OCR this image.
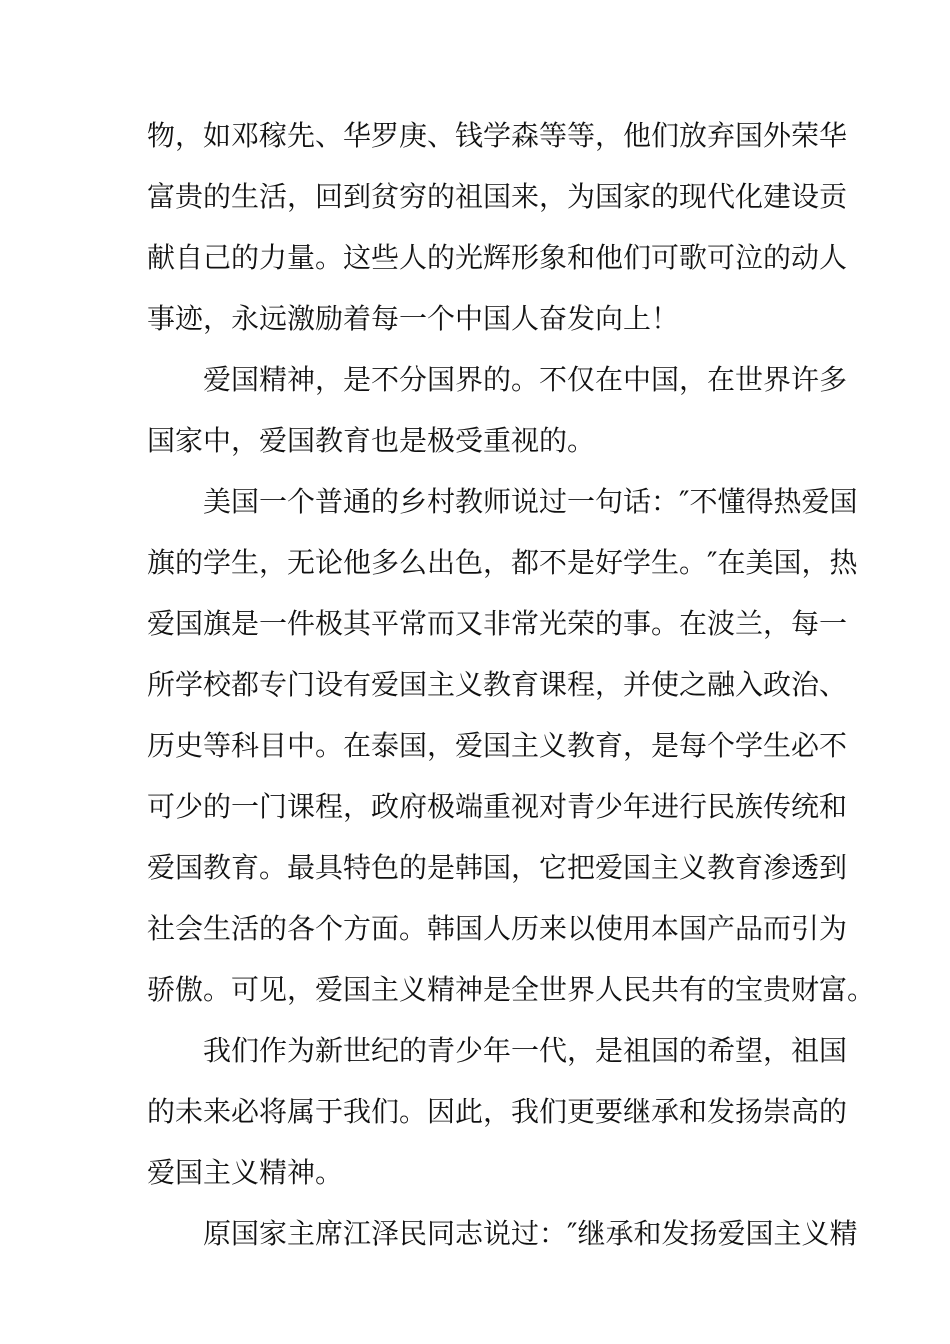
物，如邓稼先、华罗庚、钱学森等等，他们放弃国外荣华
富贵的生活，回到贫穷的祖国来，为国家的现代化建设贡
献自己的力量。这些人的光辉形象和他们可歌可泣的动人
事迹，永远激励着每一个中国人奋发向上！
爱国精神，是不分国界的。不仅在中国，在世界许多
国家中，爱国教育也是极受重视的。
美国一个普通的乡村教师说过一句话：″不懂得热爱国
旗的学生，无论他多么出色，都不是好学生。″在美国，热
爱国旗是一件极其平常而又非常光荣的事。在波兰，每一
所学校都专门设有爱国主义教育课程，并使之融入政治、
历史等科目中。在泰国，爱国主义教育，是每个学生必不
可少的一门课程，政府极端重视对青少年进行民族传统和
爱国教育。最具特色的是韩国，它把爱国主义教育渗透到
社会生活的各个方面。韩国人历来以使用本国产品而引为
骄傲。可见，爱国主义精神是全世界人民共有的宝贵财富。
我们作为新世纪的青少年一代，是祖国的希望，祖国
的未来必将属于我们。因此，我们更要继承和发扬崇高的
爱国主义精神。
原国家主席江泽民同志说过：″继承和发扬爱国主义精
